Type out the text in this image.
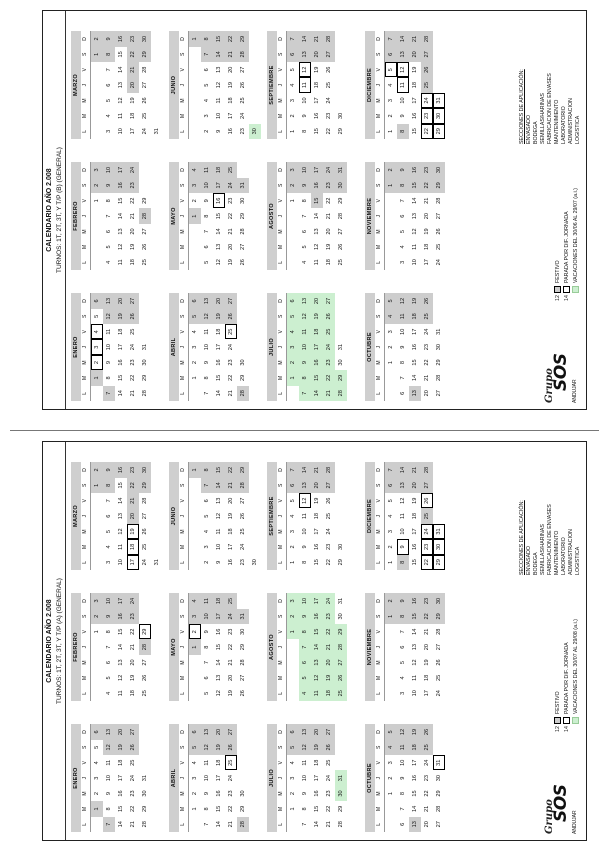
CALENDARIO AÑO 2.008 TURNOS: 1T, 2T, 3T, Y T/P (B) (GENERAL)
ENERO
L
M
M
J
V
S
D
1
2
3
4
5
6
7
8
9
10
11
12
13
14
15
16
17
18
19
20
21
22
23
24
25
26
27
28
29
30
31
FEBRERO
L
M
M
J
V
S
D
1
2
3
4
5
6
7
8
9
10
11
12
13
14
15
16
17
18
19
20
21
22
23
24
25
26
27
28
29
MARZO
L
M
M
J
V
S
D
1
2
3
4
5
6
7
8
9
10
11
12
13
14
15
16
17
18
19
20
21
22
23
24
25
26
27
28
29
30
31
ABRIL
L
M
M
J
V
S
D
1
2
3
4
5
6
7
8
9
10
11
12
13
14
15
16
17
18
19
20
21
22
23
24
25
26
27
28
29
30
MAYO
L
M
M
J
V
S
D
1
2
3
4
5
6
7
8
9
10
11
12
13
14
15
16
17
18
19
20
21
22
23
24
25
26
27
28
29
30
31
JUNIO
L
M
M
J
V
S
D	1
2
3
4
5
6
7
8
9
10
11
12
13
14
15
16
17
18
19
20
21
22
23
24
25
26
27
28
29
30
JULIO
L
M
M
J
V
S
D
1
2
3
4
5
6
7
8
9
10
11
12
13
14
15
16
17
18
19
20
21
22
23
24
25
26
27
28
29
30
31
AGOSTO
L
M
M
J
V
S
D
1
2
3
4
5
6
7
8
9
10
11
12
13
14
15
16
17
18
19
20
21
22
23
24
25
26
27
28
29
30
31
SEPTIEMBRE
L
M
M
J
V
S
D
1
2
3
4
5
6
7
8
9
10
11
12
13
14
15
16
17
18
19
20
21
22
23
24
25
26
27
28
29
30
OCTUBRE
L
M
M
J
V
S
D
1
2
3
4
5
6
7
8
9
10
11
12
13
14
15
16
17
18
19
20
21
22
23
24
25
26
27
28
29
30
31
NOVIEMBRE
L
M
M
J
V
S
D
1
2
3
4
5
6
7
8
9
10
11
12
13
14
15
16
17
18
19
20
21
22
23
24
25
26
27
28
29
30
DICIEMBRE
L
M
M
J
V
S
D
1
2
3
4
5
6
7
8
9
10
11
12
13
14
15
16
17
18
19
20
21
22
23
24
25
26
27
28
29
30
31
Grupo
SOS
ANDUJAR
12
FESTIVO
14
PARADA POR DIF. JORNADA VACACIONES DEL 30/06 AL 29/07 (a.i.)
SECCIONES DE APLICACIÓN: ENVASADO BODEGA SEMILLAS/HARINAS FABRICACION DE ENVASES MANTENIMIENTO LABORATORIO ADMINISTRACION LOGISTICA
CALENDARIO AÑO 2.008 TURNOS: 1T, 2T, 3T, Y T/P (A) (GENERAL)
ENERO
L
M
M
J
V
S
D
1
2
3
4
5
6
7
8
9
10
11
12
13
14
15
16
17
18
19
20
21
22
23
24
25
26
27
28
29
30
31
FEBRERO
L
M
M
J
V
S
D
1
2
3
4
5
6
7
8
9
10
11
12
13
14
15
16
17
18
19
20
21
22
23
24
25
26
27
28
29
MARZO
L
M
M
J
V
S
D
1
2
3
4
5
6
7
8
9
10
11
12
13
14
15
16
17
18
19
20
21
22
23
24
25
26
27
28
29
30
31
ABRIL
L
M
M
J
V
S
D
1
2
3
4
5
6
7
8
9
10
11
12
13
14
15
16
17
18
19
20
21
22
23
24
25
26
27
28
29
30
MAYO
L
M
M
J
V
S
D
1
2
3
4
5
6
7
8
9
10
11
12
13
14
15
16
17
18
19
20
21
22
23
24
25
26
27
28
29
30
31
JUNIO
L
M
M
J
V
S
D	1
2
3
4
5
6
7
8
9
10
11
12
13
14
15
16
17
18
19
20
21
22
23
24
25
26
27
28
29
30
JULIO
L
M
M
J
V
S
D
1
2
3
4
5
6
7
8
9
10
11
12
13
14
15
16
17
18
19
20
21
22
23
24
25
26
27
28
29
30
31
AGOSTO
L
M
M
J
V
S
D
1
2
3
4
5
6
7
8
9
10
11
12
13
14
15
16
17
18
19
20
21
22
23
24
25
26
27
28
29
30
31
SEPTIEMBRE
L
M
M
J
V
S
D
1
2
3
4
5
6
7
8
9
10
11
12
13
14
15
16
17
18
19
20
21
22
23
24
25
26
27
28
29
30
OCTUBRE
L
M
M
J
V
S
D
1
2
3
4
5
6
7
8
9
10
11
12
13
14
15
16
17
18
19
20
21
22
23
24
25
26
27
28
29
30
31
NOVIEMBRE
L
M
M
J
V
S
D
1
2
3
4
5
6
7
8
9
10
11
12
13
14
15
16
17
18
19
20
21
22
23
24
25
26
27
28
29
30
DICIEMBRE
L
M
M
J
V
S
D
1
2
3
4
5
6
7
8
9
10
11
12
13
14
15
16
17
18
19
20
21
22
23
24
25
26
27
28
29
30
31
Grupo
SOS
ANDUJAR
12
FESTIVO
14
PARADA POR DIF. JORNADA VACACIONES DEL 30/07 AL 29/08 (a.i.)
SECCIONES DE APLICACIÓN: ENVASADO BODEGA SEMILLAS/HARINAS FABRICACION DE ENVASES MANTENIMIENTO LABORATORIO ADMINISTRACION LOGISTICA
